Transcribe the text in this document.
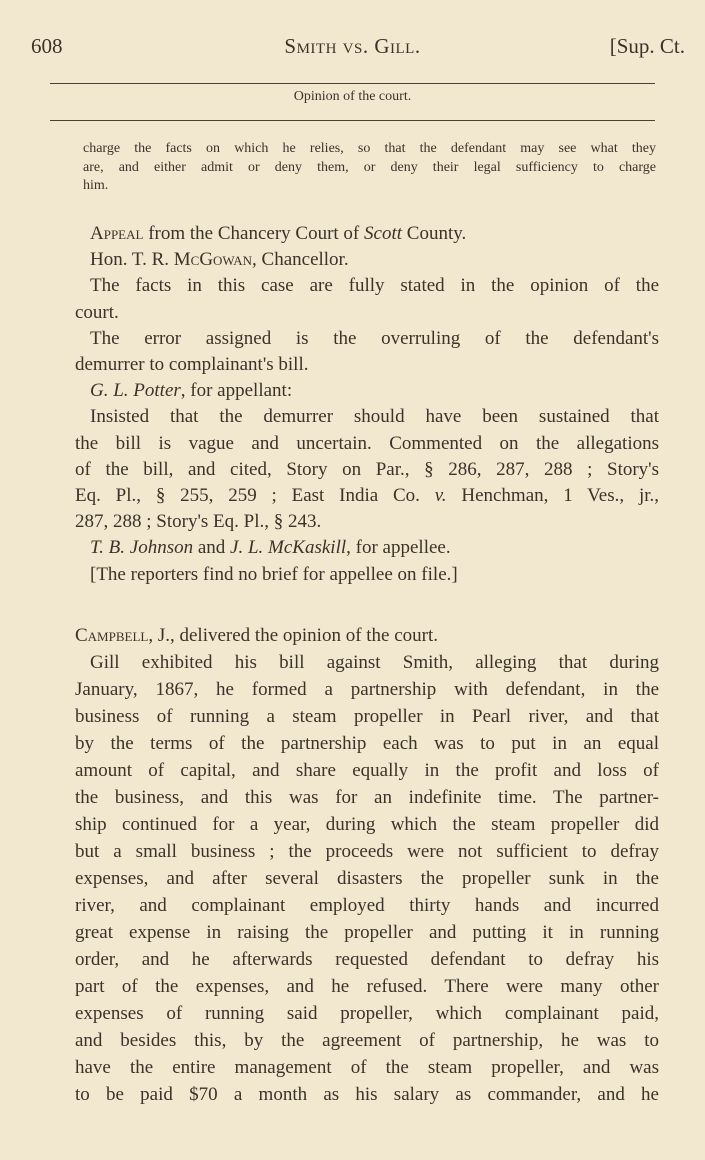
608	Smith vs. Gill.	[Sup. Ct.
Opinion of the court.
charge the facts on which he relies, so that the defendant may see what they
are, and either admit or deny them, or deny their legal sufficiency to charge
him.
Appeal from the Chancery Court of Scott County.
Hon. T. R. McGowan, Chancellor.
The facts in this case are fully stated in the opinion of the
court.
The error assigned is the overruling of the defendant's
demurrer to complainant's bill.
G. L. Potter, for appellant:
Insisted that the demurrer should have been sustained that
the bill is vague and uncertain. Commented on the allegations
of the bill, and cited, Story on Par., § 286, 287, 288 ; Story's
Eq. Pl., § 255, 259 ; East India Co. v. Henchman, 1 Ves., jr.,
287, 288 ; Story's Eq. Pl., § 243.
T. B. Johnson and J. L. McKaskill, for appellee.
[The reporters find no brief for appellee on file.]
Campbell, J., delivered the opinion of the court.
Gill exhibited his bill against Smith, alleging that during
January, 1867, he formed a partnership with defendant, in the
business of running a steam propeller in Pearl river, and that
by the terms of the partnership each was to put in an equal
amount of capital, and share equally in the profit and loss of
the business, and this was for an indefinite time. The partner-
ship continued for a year, during which the steam propeller did
but a small business ; the proceeds were not sufficient to defray
expenses, and after several disasters the propeller sunk in the
river, and complainant employed thirty hands and incurred
great expense in raising the propeller and putting it in running
order, and he afterwards requested defendant to defray his
part of the expenses, and he refused. There were many other
expenses of running said propeller, which complainant paid,
and besides this, by the agreement of partnership, he was to
have the entire management of the steam propeller, and was
to be paid $70 a month as his salary as commander, and he
